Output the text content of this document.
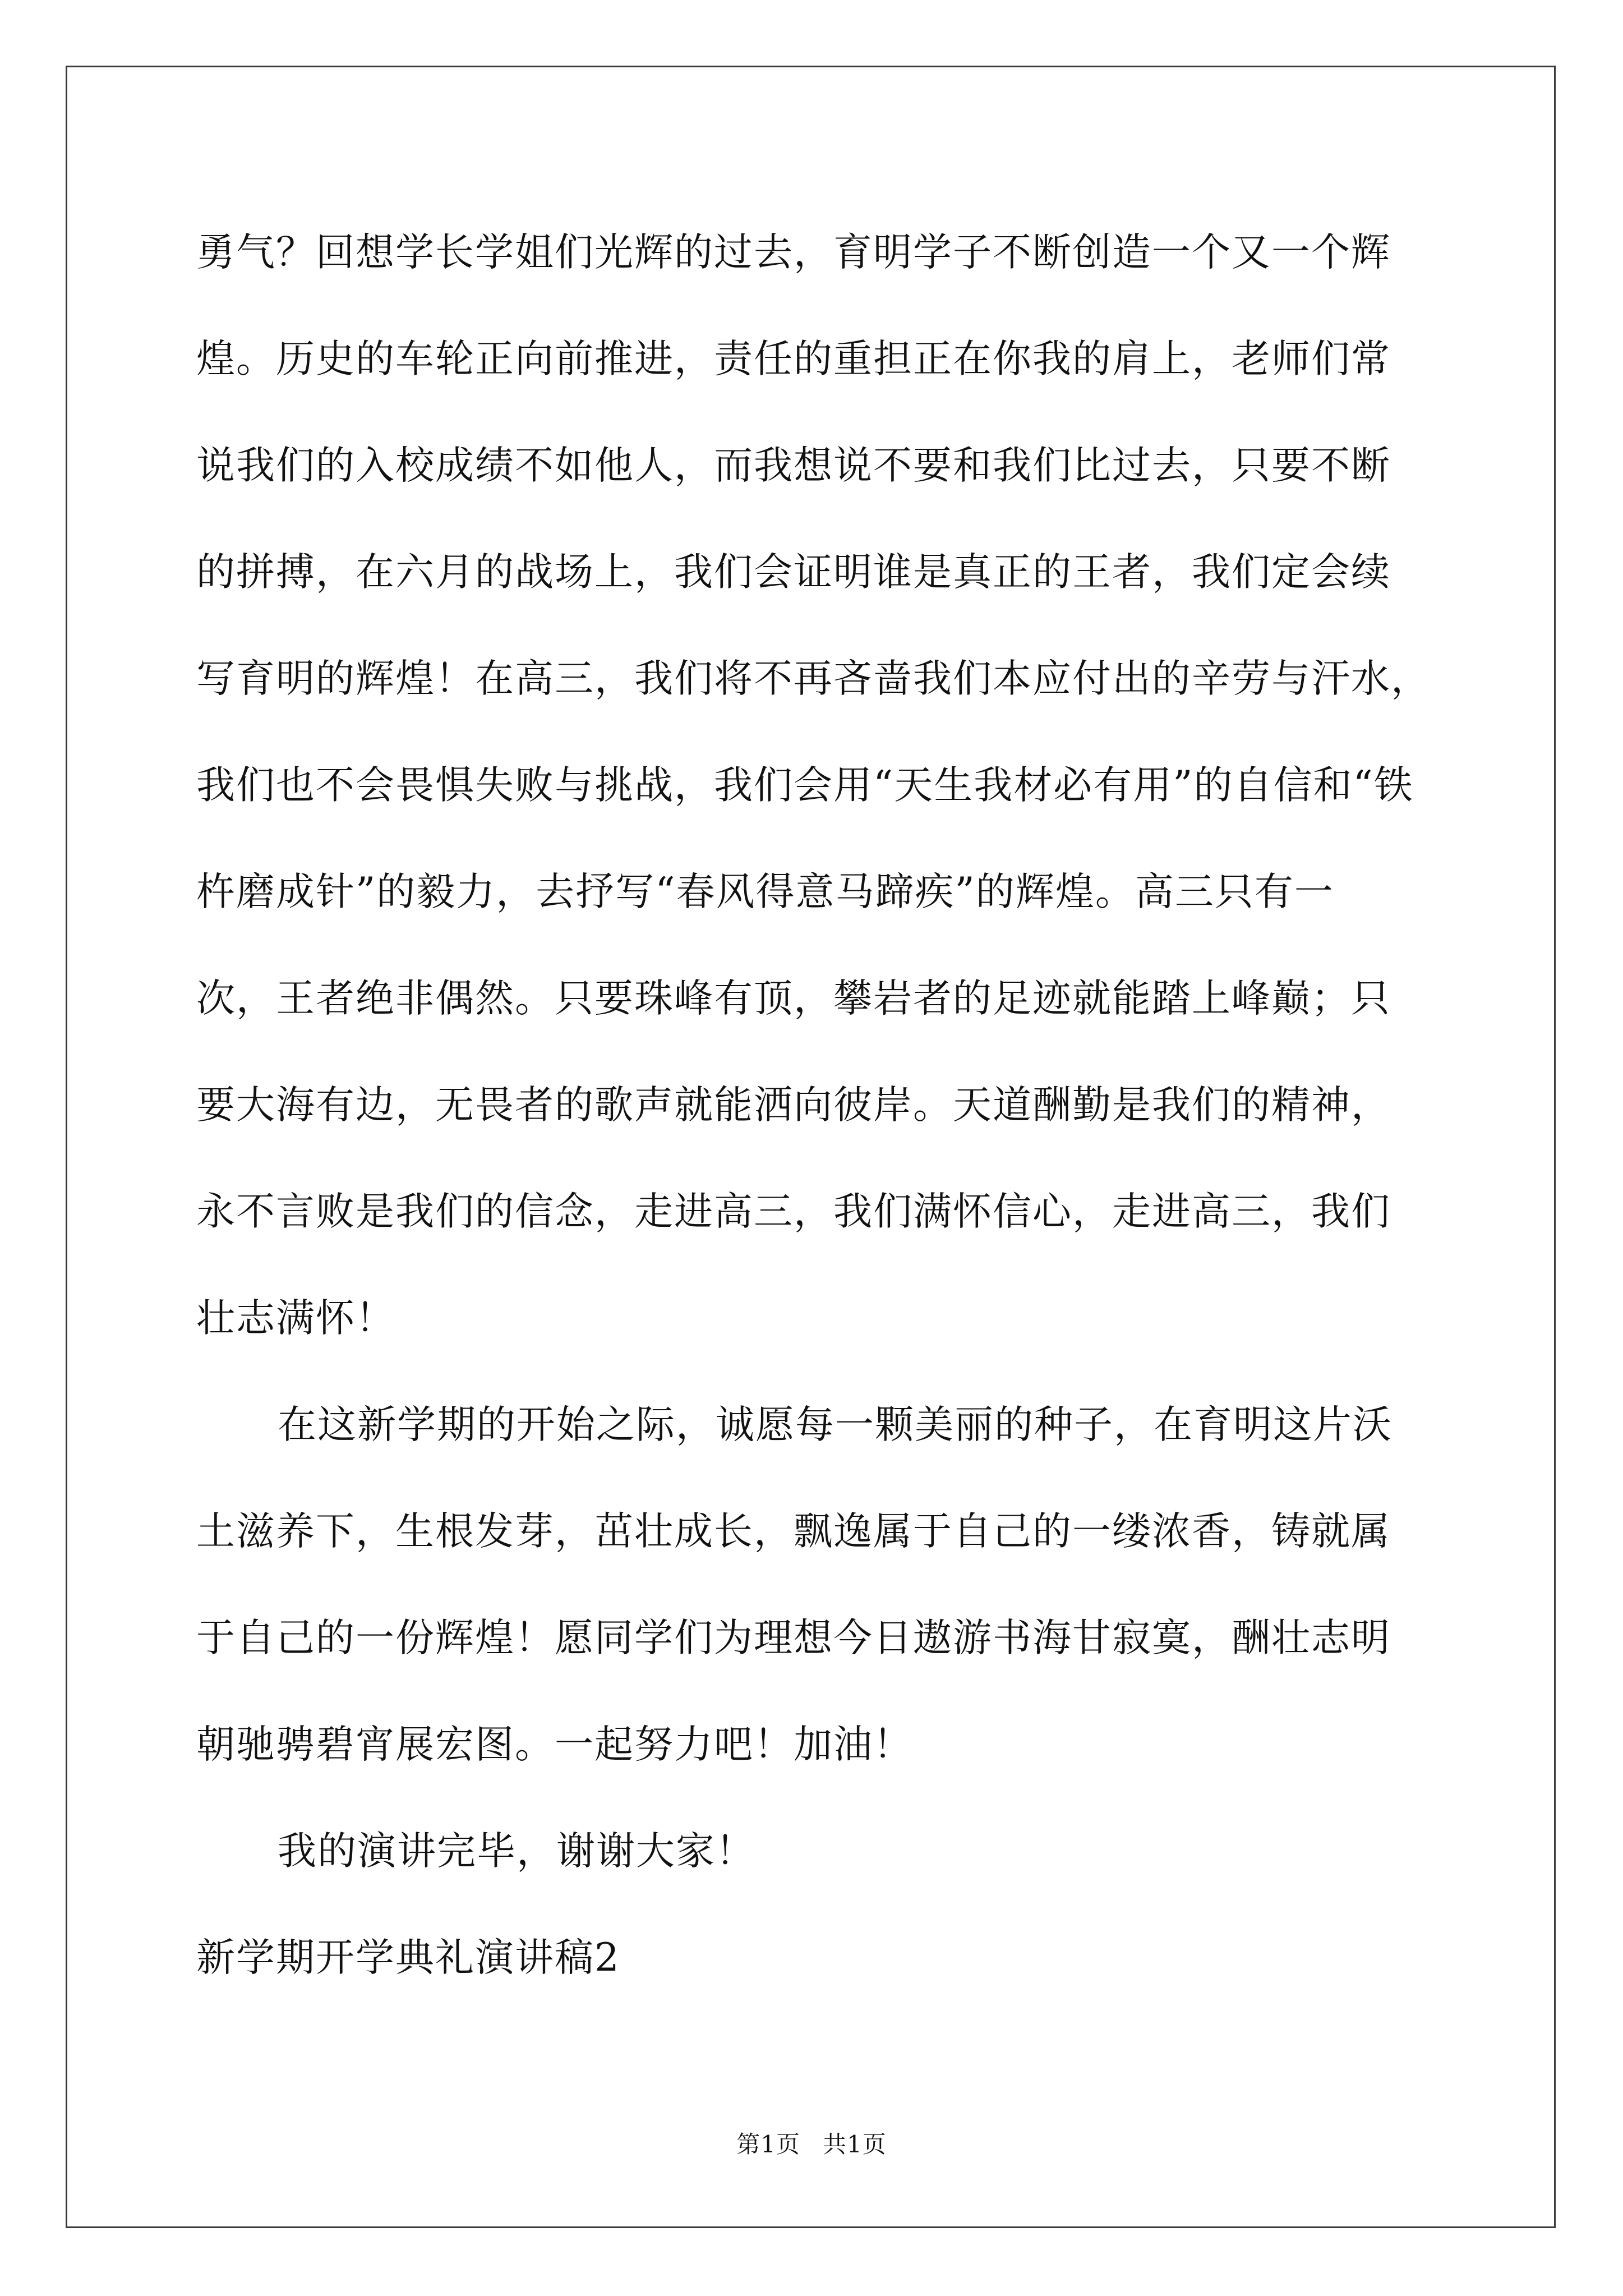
勇气？回想学长学姐们光辉的过去，育明学子不断创造一个又一个辉
煌。历史的车轮正向前推进，责任的重担正在你我的肩上，老师们常
说我们的入校成绩不如他人，而我想说不要和我们比过去，只要不断
的拼搏，在六月的战场上，我们会证明谁是真正的王者，我们定会续
写育明的辉煌！在高三，我们将不再吝啬我们本应付出的辛劳与汗水，
我们也不会畏惧失败与挑战，我们会用“天生我材必有用”的自信和“铁
杵磨成针”的毅力，去抒写“春风得意马蹄疾”的辉煌。高三只有一
次，王者绝非偶然。只要珠峰有顶，攀岩者的足迹就能踏上峰巅；只
要大海有边，无畏者的歌声就能洒向彼岸。天道酬勤是我们的精神，
永不言败是我们的信念，走进高三，我们满怀信心，走进高三，我们
壮志满怀！
在这新学期的开始之际，诚愿每一颗美丽的种子，在育明这片沃
土滋养下，生根发芽，茁壮成长，飘逸属于自己的一缕浓香，铸就属
于自己的一份辉煌！愿同学们为理想今日遨游书海甘寂寞，酬壮志明
朝驰骋碧宵展宏图。一起努力吧！加油！
我的演讲完毕，谢谢大家！
新学期开学典礼演讲稿2
第1页 共1页
